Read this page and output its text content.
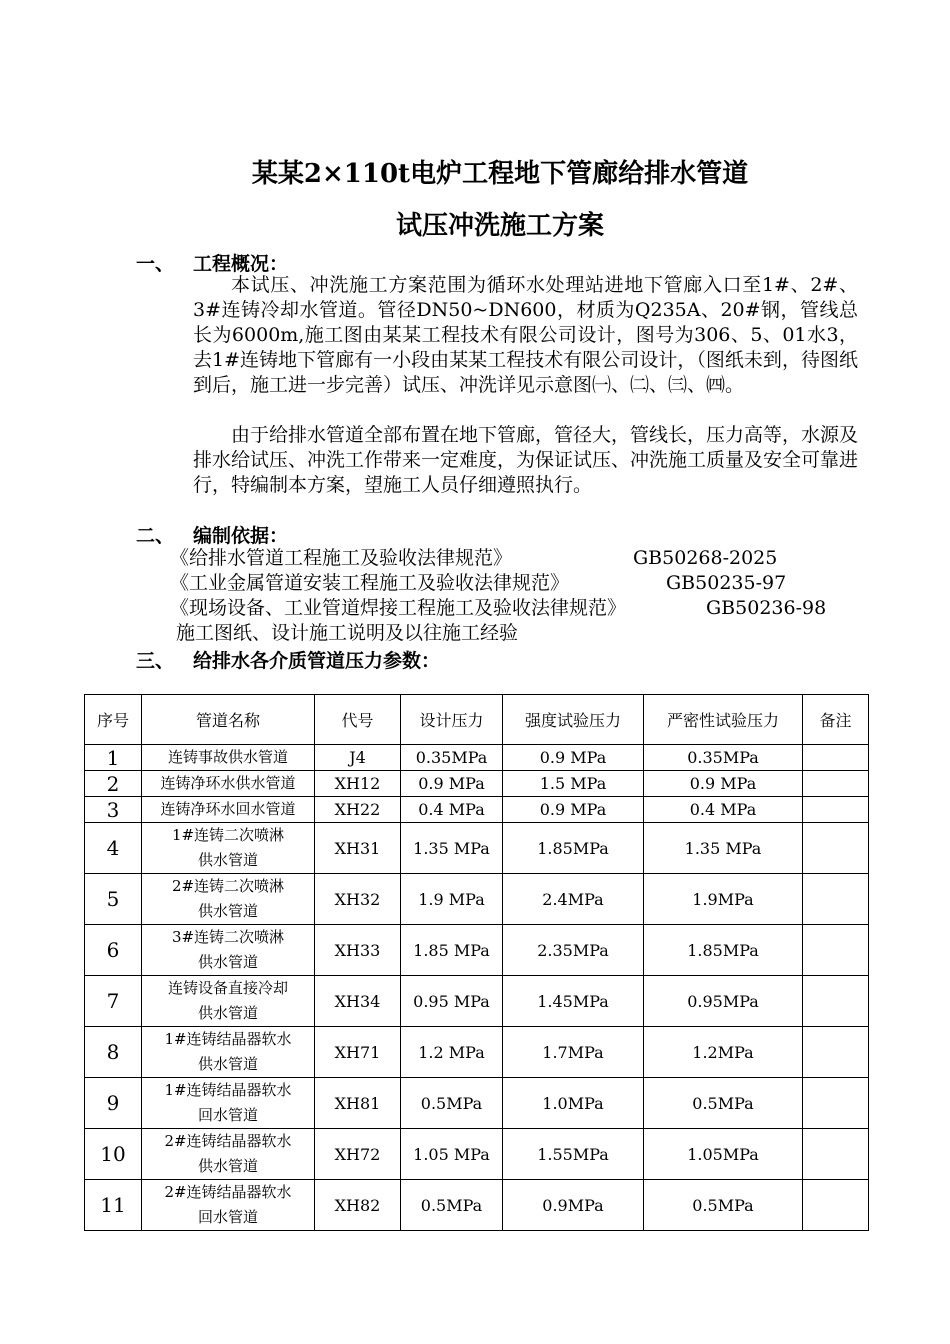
某某2×110t电炉工程地下管廊给排水管道
试压冲洗施工方案
一、 工程概况：
本试压、冲洗施工方案范围为循环水处理站进地下管廊入口至1#、2#、3#连铸冷却水管道。管径DN50~DN600，材质为Q235A、20#钢，管线总长为6000m,施工图由某某工程技术有限公司设计，图号为306、5、01水3，去1#连铸地下管廊有一小段由某某工程技术有限公司设计，（图纸未到，待图纸到后，施工进一步完善）试压、冲洗详见示意图㈠、㈡、㈢、㈣。
由于给排水管道全部布置在地下管廊，管径大，管线长，压力高等，水源及排水给试压、冲洗工作带来一定难度，为保证试压、冲洗施工质量及安全可靠进行，特编制本方案，望施工人员仔细遵照执行。
二、 编制依据：
《给排水管道工程施工及验收法律规范》	GB50268-2025
《工业金属管道安装工程施工及验收法律规范》	GB50235-97
《现场设备、工业管道焊接工程施工及验收法律规范》	GB50236-98
施工图纸、设计施工说明及以往施工经验
三、 给排水各介质管道压力参数：
序号	管道名称	代号	设计压力	强度试验压力	严密性试验压力	备注
1	连铸事故供水管道	J4	0.35MPa	0.9 MPa	0.35MPa	
2	连铸净环水供水管道	XH12	0.9 MPa	1.5 MPa	0.9 MPa	
3	连铸净环水回水管道	XH22	0.4 MPa	0.9 MPa	0.4 MPa	
4	1#连铸二次喷淋
供水管道	XH31	1.35 MPa	1.85MPa	1.35 MPa	
5	2#连铸二次喷淋
供水管道	XH32	1.9 MPa	2.4MPa	1.9MPa	
6	3#连铸二次喷淋
供水管道	XH33	1.85 MPa	2.35MPa	1.85MPa	
7	连铸设备直接冷却
供水管道	XH34	0.95 MPa	1.45MPa	0.95MPa	
8	1#连铸结晶器软水
供水管道	XH71	1.2 MPa	1.7MPa	1.2MPa	
9	1#连铸结晶器软水
回水管道	XH81	0.5MPa	1.0MPa	0.5MPa	
10	2#连铸结晶器软水
供水管道	XH72	1.05 MPa	1.55MPa	1.05MPa	
11	2#连铸结晶器软水
回水管道	XH82	0.5MPa	0.9MPa	0.5MPa	
